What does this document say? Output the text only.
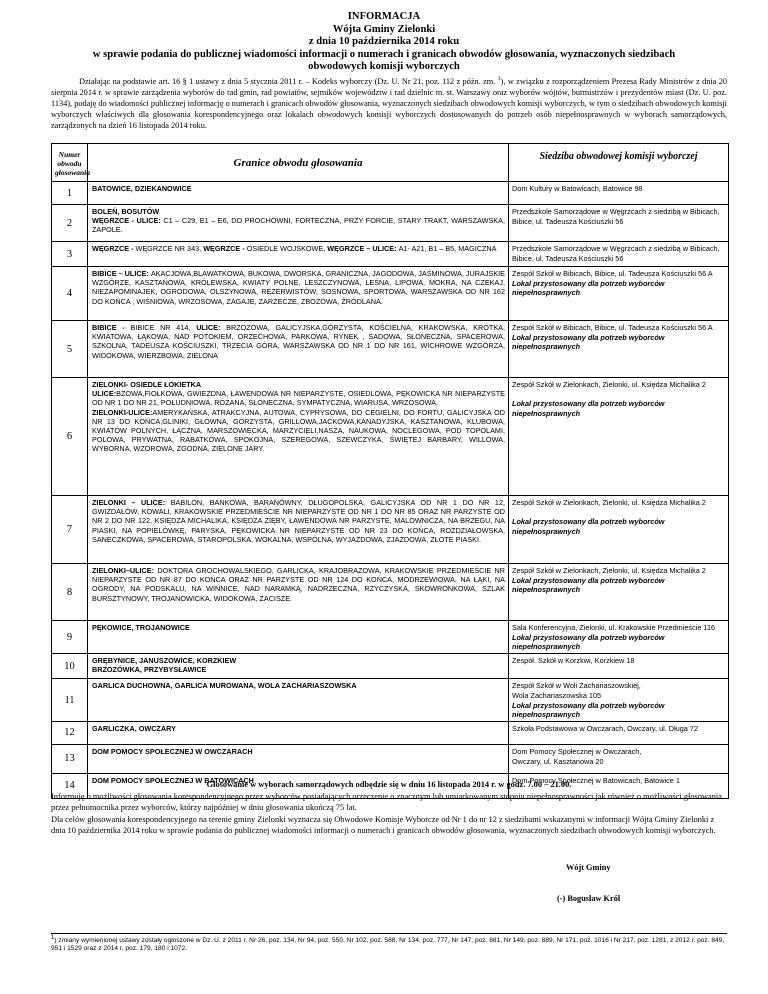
INFORMACJA
Wójta Gminy Zielonki
z dnia 10 października 2014 roku
w sprawie podania do publicznej wiadomości informacji o numerach i granicach obwodów głosowania, wyznaczonych siedzibach
obwodowych komisji wyborczych
Działając na podstawie art. 16 § 1 ustawy z dnia 5 stycznia 2011 r. – Kodeks wyborczy (Dz. U. Nr 21, poz. 112 z późn. zm. $^1$), w związku z rozporządzeniem Prezesa Rady Ministrów z dnia 20 sierpnia 2014 r. w sprawie zarządzenia wyborów do rad gmin, rad powiatów, sejmików województw i rad dzielnic m. st. Warszawy oraz wyborów wójtów, burmistrzów i prezydentów miast (Dz. U. poz. 1134), podaję do wiadomości publicznej informację o numerach i granicach obwodów głosowania, wyznaczonych siedzibach obwodowych komisji wyborczych, w tym o siedzibach obwodowych komisji wyborczych właściwych dla głosowania korespondencyjnego oraz lokalach obwodowych komisji wyborczych dostosowanych do potrzeb osób niepełnosprawnych w wyborach samorządowych, zarządzonych na dzień 16 listopada 2014 roku.
Numer obwodu głosowania	Granice obwodu głosowania	Siedziba obwodowej komisji wyborczej
1	BATOWICE, DZIEKANOWICE	Dom Kultury w Batowicach, Batowice 98
2	BOLEŃ, BOSUTÓW
WĘGRZCE - ULICE: C1 – C29, E1 – E6, DO PROCHOWNI, FORTECZNA, PRZY FORCIE, STARY TRAKT, WARSZAWSKA, ZAPOLE.	Przedszkole Samorządowe w Węgrzcach z siedzibą w Bibicach, Bibice, ul. Tadeusza Kościuszki 56
3	WĘGRZCE - WĘGRZCE NR 343, WĘGRZCE - OSIEDLE WOJSKOWE, WĘGRZCE – ULICE: A1- A21, B1 – B5, MAGICZNA	Przedszkole Samorządowe w Węgrzcach z siedzibą w Bibicach, Bibice, ul. Tadeusza Kościuszki 56
4	BIBICE – ULICE: AKACJOWA,BLAWATKOWA, BUKOWA, DWORSKA, GRANICZNA, JAGODOWA, JAŚMINOWA, JURAJSKIE WZGÓRZE, KASZTANOWA, KRÓLEWSKA, KWIATY POLNE, LESZCZYNOWA, LEŚNA, LIPOWA, MOKRA, NA CZEKAJ, NIEZAPOMINAJEK, OGRODOWA, OLSZYNOWA, REZERWISTÓW, SOSNOWA, SPORTOWA, WARSZAWSKA OD NR 162 DO KOŃCA , WIŚNIOWA, WRZOSOWA, ZAGAJE, ZARZECZE, ZBOŻOWA, ŹRÓDLANA.	Zespół Szkół w Bibicach, Bibice, ul. Tadeusza Kościuszki 56 A
Lokal przystosowany dla potrzeb wyborców niepełnosprawnych
5	BIBICE - BIBICE NR 414, ULICE: BRZOZOWA, GALICYJSKA,GÓRZYSTA, KOŚCIELNA, KRAKOWSKA, KRÓTKA, KWIATOWA, ŁĄKOWA, NAD POTOKIEM, ORZECHOWA, PARKOWA, RYNEK , SADOWA, SŁONECZNA, SPACEROWA, SZKOLNA, TADEUSZA KOŚCIUSZKI, TRZECIA GÓRA, WARSZAWSKA OD NR 1 DO NR 161, WICHROWE WZGÓRZA, WIDOKOWA, WIERZBOWA, ZIELONA	Zespół Szkół w Bibicach, Bibice, ul. Tadeusza Kościuszki 56 A
Lokal przystosowany dla potrzeb wyborców niepełnosprawnych
6	ZIELONKI- OSIEDLE ŁOKIETKA
ULICE:BZOWA,FIOŁKOWA, GWIEZDNA, ŁAWENDOWA NR NIEPARZYSTE, OSIEDLOWA, PĘKOWICKA NR NIEPARZYSTE OD NR 1 DO NR 21, POŁUDNIOWA, RÓŻANA, SŁONECZNA, SYMPATYCZNA, WIARUSA, WRZOSOWA.
ZIELONKI-ULICE:AMERYKAŃSKA, ATRAKCYJNA, AUTOWA, CYPRYSOWA, DO CEGIELNI, DO FORTU, GALICYJSKA OD NR 13 DO KOŃCA,GLINIKI, GŁÓWNA, GÓRZYSTA, GRILLOWA,JACKOWA,KANADYJSKA, KASZTANOWA, KLUBOWA, KWIATÓW POLNYCH, ŁĄCZNA, MARSZOWIECKA, MARZYCIELI,NASZA, NAUKOWA, NOCLEGOWA, POD TOPOLAMI, POLOWA, PRYWATNA, RABATKOWA, SPOKOJNA, SZEREGOWA, SZEWCZYKA, ŚWIĘTEJ BARBARY, WILLOWA, WYBORNA, WZOROWA, ZGODNA, ZIELONE JARY.	Zespół Szkół w Zielonkach, Zielonki, ul. Księdza Michalika 2

Lokal przystosowany dla potrzeb wyborców niepełnosprawnych
7	ZIELONKI – ULICE: BABILON, BANKOWA, BARANÓWNY, DŁUGOPOLSKA, GALICYJSKA OD NR 1 DO NR 12, GWIZDAŁÓW, KOWALI, KRAKOWSKIE PRZEDMIEŚCIE NR NIEPARZYSTE OD NR 1 DO NR 85 ORAZ NR PARZYSTE OD NR 2 DO NR 122, KSIĘDZA MICHALIKA, KSIĘDZA ZIĘBY, ŁAWENDOWA NR PARZYSTE, MALOWNICZA, NA BRZEGU, NA PIASKI, NA POPIELÓWKĘ, PARYSKA, PĘKOWICKA NR NIEPARZYSTE OD NR 23 DO KOŃCA, ROZDZIAŁOWSKA, SANECZKOWA, SPACEROWA, STAROPOLSKA, WOKALNA, WSPÓLNA, WYJAZDOWA, ZJAZDOWA, ZŁOTE PIASKI.	Zespół Szkół w Zielonkach, Zielonki, ul. Księdza Michalika 2

Lokal przystosowany dla potrzeb wyborców niepełnosprawnych
8	ZIELONKI–ULICE: DOKTORA GROCHOWALSKIEGO, GARLICKA, KRAJOBRAZOWA, KRAKOWSKIE PRZEDMIEŚCIE NR NIEPARZYSTE OD NR 87 DO KOŃCA ORAZ NR PARZYSTE OD NR 124 DO KOŃCA, MODRZEWIOWA, NA ŁĄKI, NA OGRODY, NA PODSKALU, NA WINNICE, NAD NARAMKĄ, NADRZECZNA, RZYCZYSKA, SKOWRONKOWA, SZLAK BURSZTYNOWY, TROJANOWICKA, WIDOKOWA, ZACISZE.	Zespół Szkół w Zielonkach, Zielonki, ul. Księdza Michalika 2
Lokal przystosowany dla potrzeb wyborców niepełnosprawnych
9	PĘKOWICE, TROJANOWICE	Sala Konferencyjna, Zielonki, ul. Krakowskie Przedmieście 116
Lokal przystosowany dla potrzeb wyborców niepełnosprawnych
10	GRĘBYNICE, JANUSZOWICE, KORZKIEW
BRZOZÓWKA, PRZYBYSŁAWICE	Zespół. Szkół w Korzkwi, Korzkiew 18
11	GARLICA DUCHOWNA, GARLICA MUROWANA, WOLA ZACHARIASZOWSKA	Zespół Szkół w Woli Zachariaszowskiej,
Wola Zachariaszowska 105
Lokal przystosowany dla potrzeb wyborców niepełnosprawnych
12	GARLICZKA, OWCZARY	Szkoła Podstawowa w Owczarach, Owczary, ul. Długa 72
13	DOM POMOCY SPOŁECZNEJ W OWCZARACH	Dom Pomocy Społecznej w Owczarach,
Owczary, ul. Kasztanowa 20
14	DOM POMOCY SPOŁECZNEJ W BATOWICACH	Dom Pomocy Społecznej w Batowicach, Batowice 1
Głosowanie w wyborach samorządowych odbędzie się w dniu 16 listopada 2014 r. w godz. 7.00 – 21.00.
Informuję o możliwości głosowania korespondencyjnego przez wyborców posiadających orzeczenie o znacznym lub umiarkowanym stopniu niepełnosprawności jak również o możliwości głosowania przez pełnomocnika przez wyborców, którzy najpóźniej w dniu głosowania ukończą 75 lat.
Dla celów głosowania korespondencyjnego na terenie gminy Zielonki wyznacza się Obwodowe Komisje Wyborcze od Nr 1 do nr 12 z siedzibami wskazanymi w informacji Wójta Gminy Zielonki z dnia 10 października 2014 roku w sprawie podania do publicznej wiadomości informacji o numerach i granicach obwodów głosowania, wyznaczonych siedzibach obwodowych komisji wyborczych.
Wójt Gminy
(-) Bogusław Król
$^1$) zmiany wymienionej ustawy zostały ogłoszone w Dz. U. z 2011 r. Nr 26, poz. 134, Nr 94, poz. 550, Nr 102, poz. 588, Nr 134, poz. 777, Nr 147, poz. 881, Nr 149, poz. 889, Nr 171, poz. 1016 i Nr 217, poz. 1281, z 2012 r. poz. 849, 951 i 1529 oraz z 2014 r. poz. 179, 180 i 1072.
